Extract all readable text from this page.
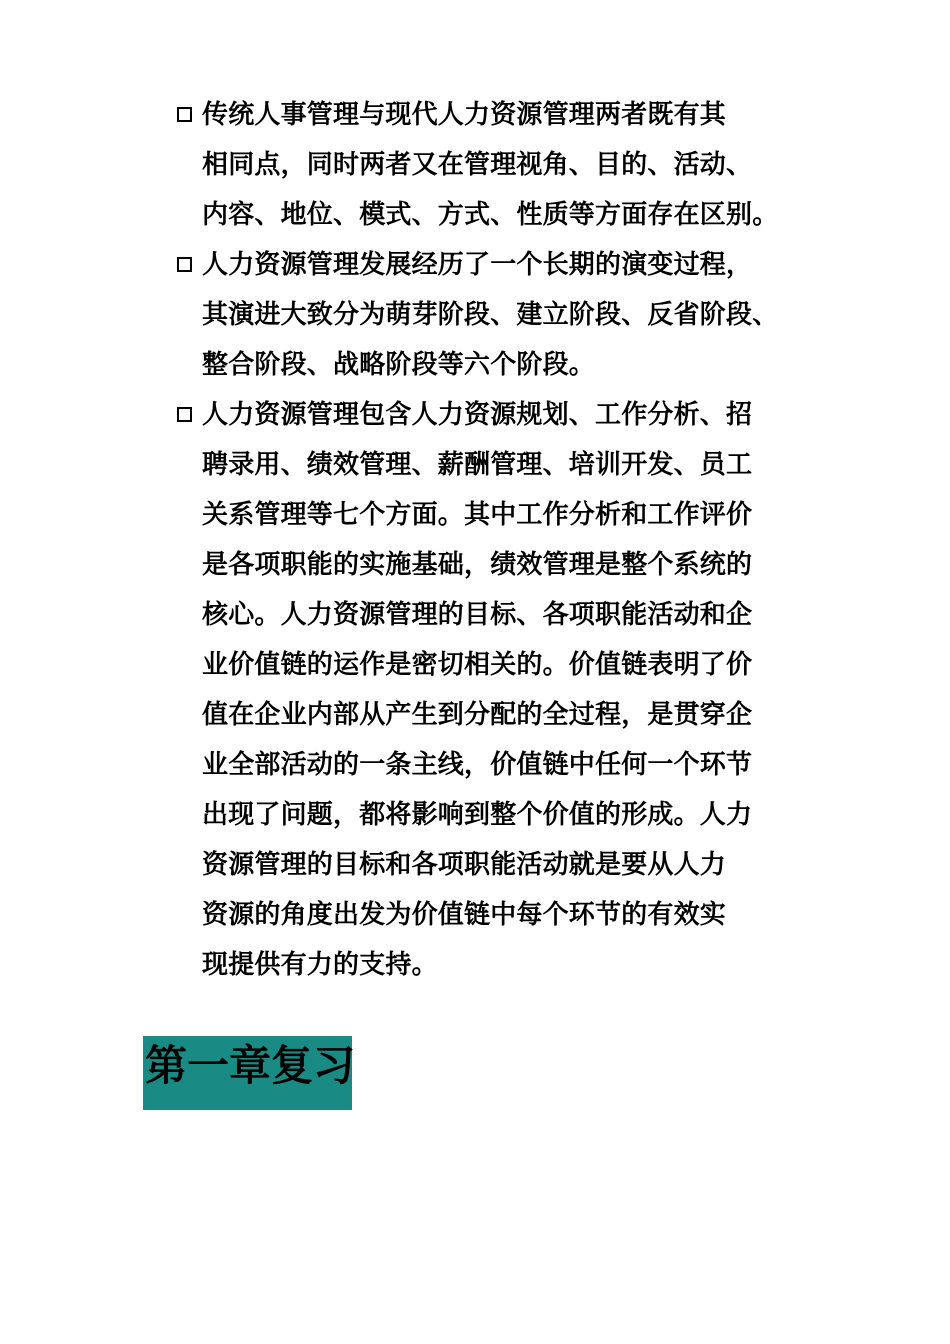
传统人事管理与现代人力资源管理两者既有其
相同点，同时两者又在管理视角、目的、活动、
内容、地位、模式、方式、性质等方面存在区别。
人力资源管理发展经历了一个长期的演变过程，
其演进大致分为萌芽阶段、建立阶段、反省阶段、
整合阶段、战略阶段等六个阶段。
人力资源管理包含人力资源规划、工作分析、招
聘录用、绩效管理、薪酬管理、培训开发、员工
关系管理等七个方面。其中工作分析和工作评价
是各项职能的实施基础，绩效管理是整个系统的
核心。人力资源管理的目标、各项职能活动和企
业价值链的运作是密切相关的。价值链表明了价
值在企业内部从产生到分配的全过程，是贯穿企
业全部活动的一条主线，价值链中任何一个环节
出现了问题，都将影响到整个价值的形成。人力
资源管理的目标和各项职能活动就是要从人力
资源的角度出发为价值链中每个环节的有效实
现提供有力的支持。
第一章复习
